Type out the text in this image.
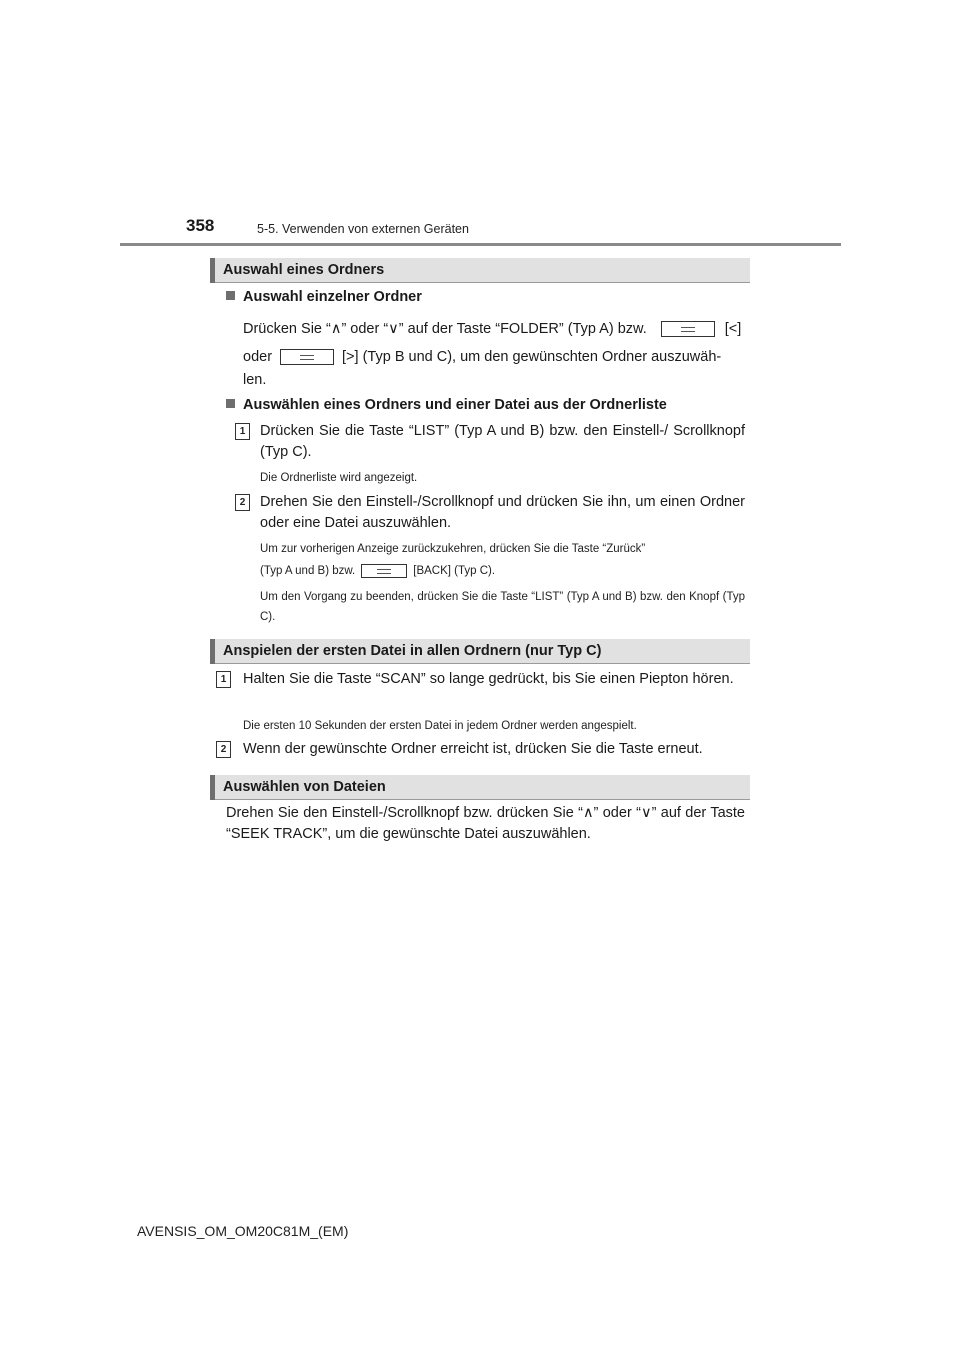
358	5-5. Verwenden von externen Geräten
Auswahl eines Ordners
Auswahl einzelner Ordner
Drücken Sie “∧” oder “∨” auf der Taste “FOLDER” (Typ A) bzw.	[<]
oder	[>] (Typ B und C), um den gewünschten Ordner auszuwäh-
len.
Auswählen eines Ordners und einer Datei aus der Ordnerliste
1	Drücken Sie die Taste “LIST” (Typ A und B) bzw. den Einstell-/ Scrollknopf (Typ C).
Die Ordnerliste wird angezeigt.
2	Drehen Sie den Einstell-/Scrollknopf und drücken Sie ihn, um einen Ordner oder eine Datei auszuwählen.
Um zur vorherigen Anzeige zurückzukehren, drücken Sie die Taste “Zurück”
(Typ A und B) bzw.	[BACK] (Typ C).
Um den Vorgang zu beenden, drücken Sie die Taste “LIST” (Typ A und B) bzw. den Knopf (Typ C).
Anspielen der ersten Datei in allen Ordnern (nur Typ C)
1	Halten Sie die Taste “SCAN” so lange gedrückt, bis Sie einen Piepton hören.
Die ersten 10 Sekunden der ersten Datei in jedem Ordner werden angespielt.
2	Wenn der gewünschte Ordner erreicht ist, drücken Sie die Taste erneut.
Auswählen von Dateien
Drehen Sie den Einstell-/Scrollknopf bzw. drücken Sie “∧” oder “∨” auf der Taste “SEEK TRACK”, um die gewünschte Datei auszuwählen.
AVENSIS_OM_OM20C81M_(EM)
